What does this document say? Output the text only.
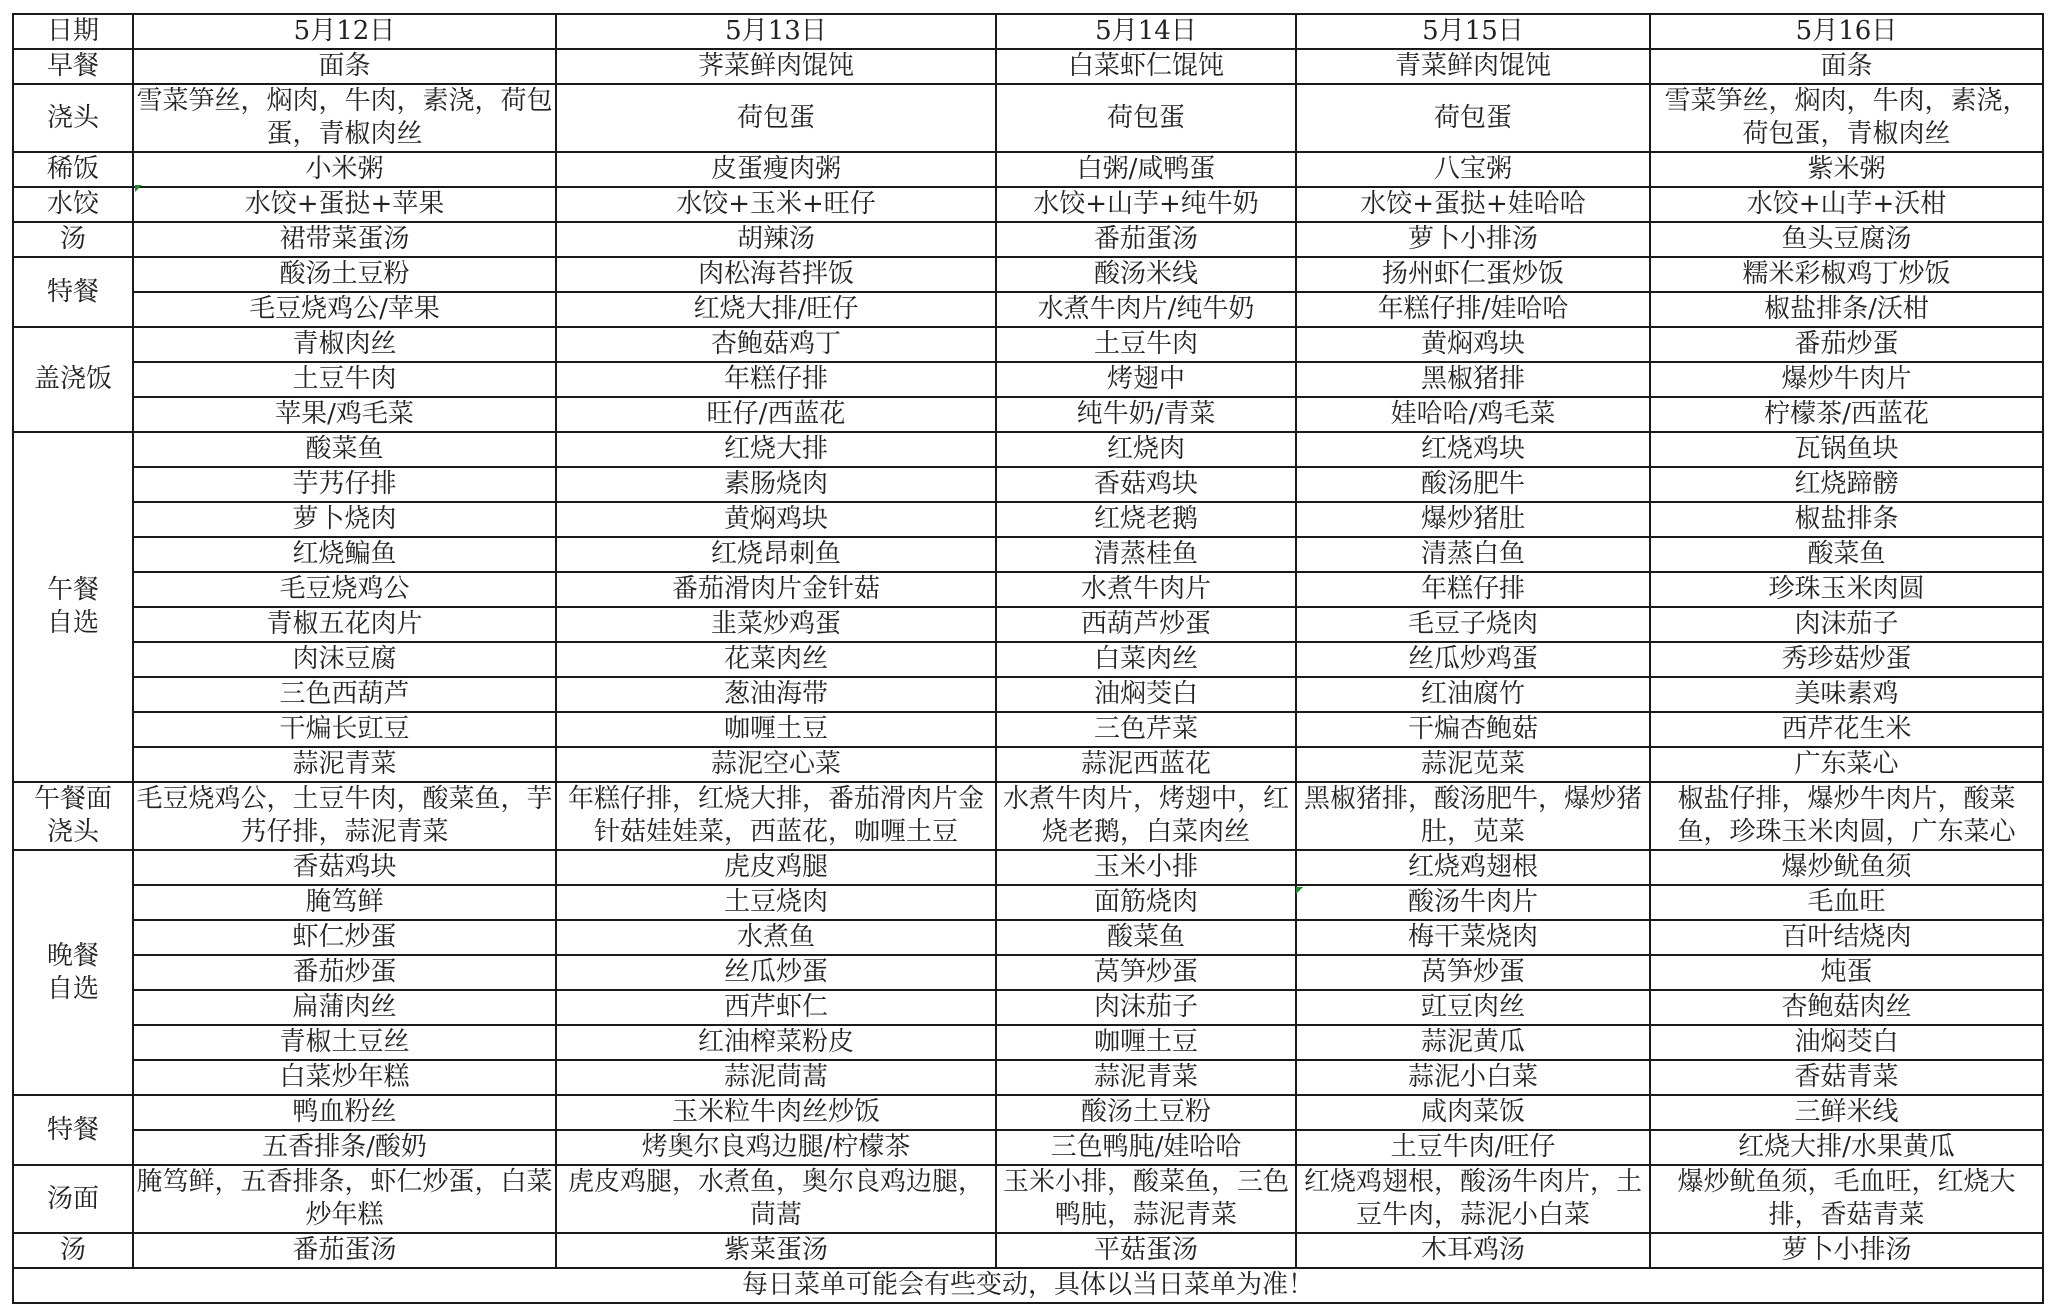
日期	5月12日	5月13日	5月14日	5月15日	5月16日
早餐	面条	荠菜鲜肉馄饨	白菜虾仁馄饨	青菜鲜肉馄饨	面条
浇头	雪菜笋丝，焖肉，牛肉，素浇，荷包蛋，青椒肉丝	荷包蛋	荷包蛋	荷包蛋	雪菜笋丝，焖肉，牛肉，素浇，荷包蛋，青椒肉丝
稀饭	小米粥	皮蛋瘦肉粥	白粥/咸鸭蛋	八宝粥	紫米粥
水饺	水饺+蛋挞+苹果	水饺+玉米+旺仔	水饺+山芋+纯牛奶	水饺+蛋挞+娃哈哈	水饺+山芋+沃柑
汤	裙带菜蛋汤	胡辣汤	番茄蛋汤	萝卜小排汤	鱼头豆腐汤
特餐	酸汤土豆粉	肉松海苔拌饭	酸汤米线	扬州虾仁蛋炒饭	糯米彩椒鸡丁炒饭
	毛豆烧鸡公/苹果	红烧大排/旺仔	水煮牛肉片/纯牛奶	年糕仔排/娃哈哈	椒盐排条/沃柑
盖浇饭	青椒肉丝	杏鲍菇鸡丁	土豆牛肉	黄焖鸡块	番茄炒蛋
	土豆牛肉	年糕仔排	烤翅中	黑椒猪排	爆炒牛肉片
	苹果/鸡毛菜	旺仔/西蓝花	纯牛奶/青菜	娃哈哈/鸡毛菜	柠檬茶/西蓝花
午餐
自选	酸菜鱼	红烧大排	红烧肉	红烧鸡块	瓦锅鱼块
	芋艿仔排	素肠烧肉	香菇鸡块	酸汤肥牛	红烧蹄髈
	萝卜烧肉	黄焖鸡块	红烧老鹅	爆炒猪肚	椒盐排条
	红烧鳊鱼	红烧昂刺鱼	清蒸桂鱼	清蒸白鱼	酸菜鱼
	毛豆烧鸡公	番茄滑肉片金针菇	水煮牛肉片	年糕仔排	珍珠玉米肉圆
	青椒五花肉片	韭菜炒鸡蛋	西葫芦炒蛋	毛豆子烧肉	肉沫茄子
	肉沫豆腐	花菜肉丝	白菜肉丝	丝瓜炒鸡蛋	秀珍菇炒蛋
	三色西葫芦	葱油海带	油焖茭白	红油腐竹	美味素鸡
	干煸长豇豆	咖喱土豆	三色芹菜	干煸杏鲍菇	西芹花生米
	蒜泥青菜	蒜泥空心菜	蒜泥西蓝花	蒜泥苋菜	广东菜心
午餐面
浇头	毛豆烧鸡公，土豆牛肉，酸菜鱼，芋艿仔排，蒜泥青菜	年糕仔排，红烧大排，番茄滑肉片金针菇娃娃菜，西蓝花，咖喱土豆	水煮牛肉片，烤翅中，红烧老鹅，白菜肉丝	黑椒猪排，酸汤肥牛，爆炒猪肚，苋菜	椒盐仔排，爆炒牛肉片，酸菜鱼，珍珠玉米肉圆，广东菜心
晚餐
自选	香菇鸡块	虎皮鸡腿	玉米小排	红烧鸡翅根	爆炒鱿鱼须
	腌笃鲜	土豆烧肉	面筋烧肉	酸汤牛肉片	毛血旺
	虾仁炒蛋	水煮鱼	酸菜鱼	梅干菜烧肉	百叶结烧肉
	番茄炒蛋	丝瓜炒蛋	莴笋炒蛋	莴笋炒蛋	炖蛋
	扁蒲肉丝	西芹虾仁	肉沫茄子	豇豆肉丝	杏鲍菇肉丝
	青椒土豆丝	红油榨菜粉皮	咖喱土豆	蒜泥黄瓜	油焖茭白
	白菜炒年糕	蒜泥茼蒿	蒜泥青菜	蒜泥小白菜	香菇青菜
特餐	鸭血粉丝	玉米粒牛肉丝炒饭	酸汤土豆粉	咸肉菜饭	三鲜米线
	五香排条/酸奶	烤奥尔良鸡边腿/柠檬茶	三色鸭肫/娃哈哈	土豆牛肉/旺仔	红烧大排/水果黄瓜
汤面	腌笃鲜，五香排条，虾仁炒蛋，白菜炒年糕	虎皮鸡腿，水煮鱼，奥尔良鸡边腿，茼蒿	玉米小排，酸菜鱼，三色鸭肫，蒜泥青菜	红烧鸡翅根，酸汤牛肉片，土豆牛肉，蒜泥小白菜	爆炒鱿鱼须，毛血旺，红烧大排，香菇青菜
汤	番茄蛋汤	紫菜蛋汤	平菇蛋汤	木耳鸡汤	萝卜小排汤
每日菜单可能会有些变动，具体以当日菜单为准！					
